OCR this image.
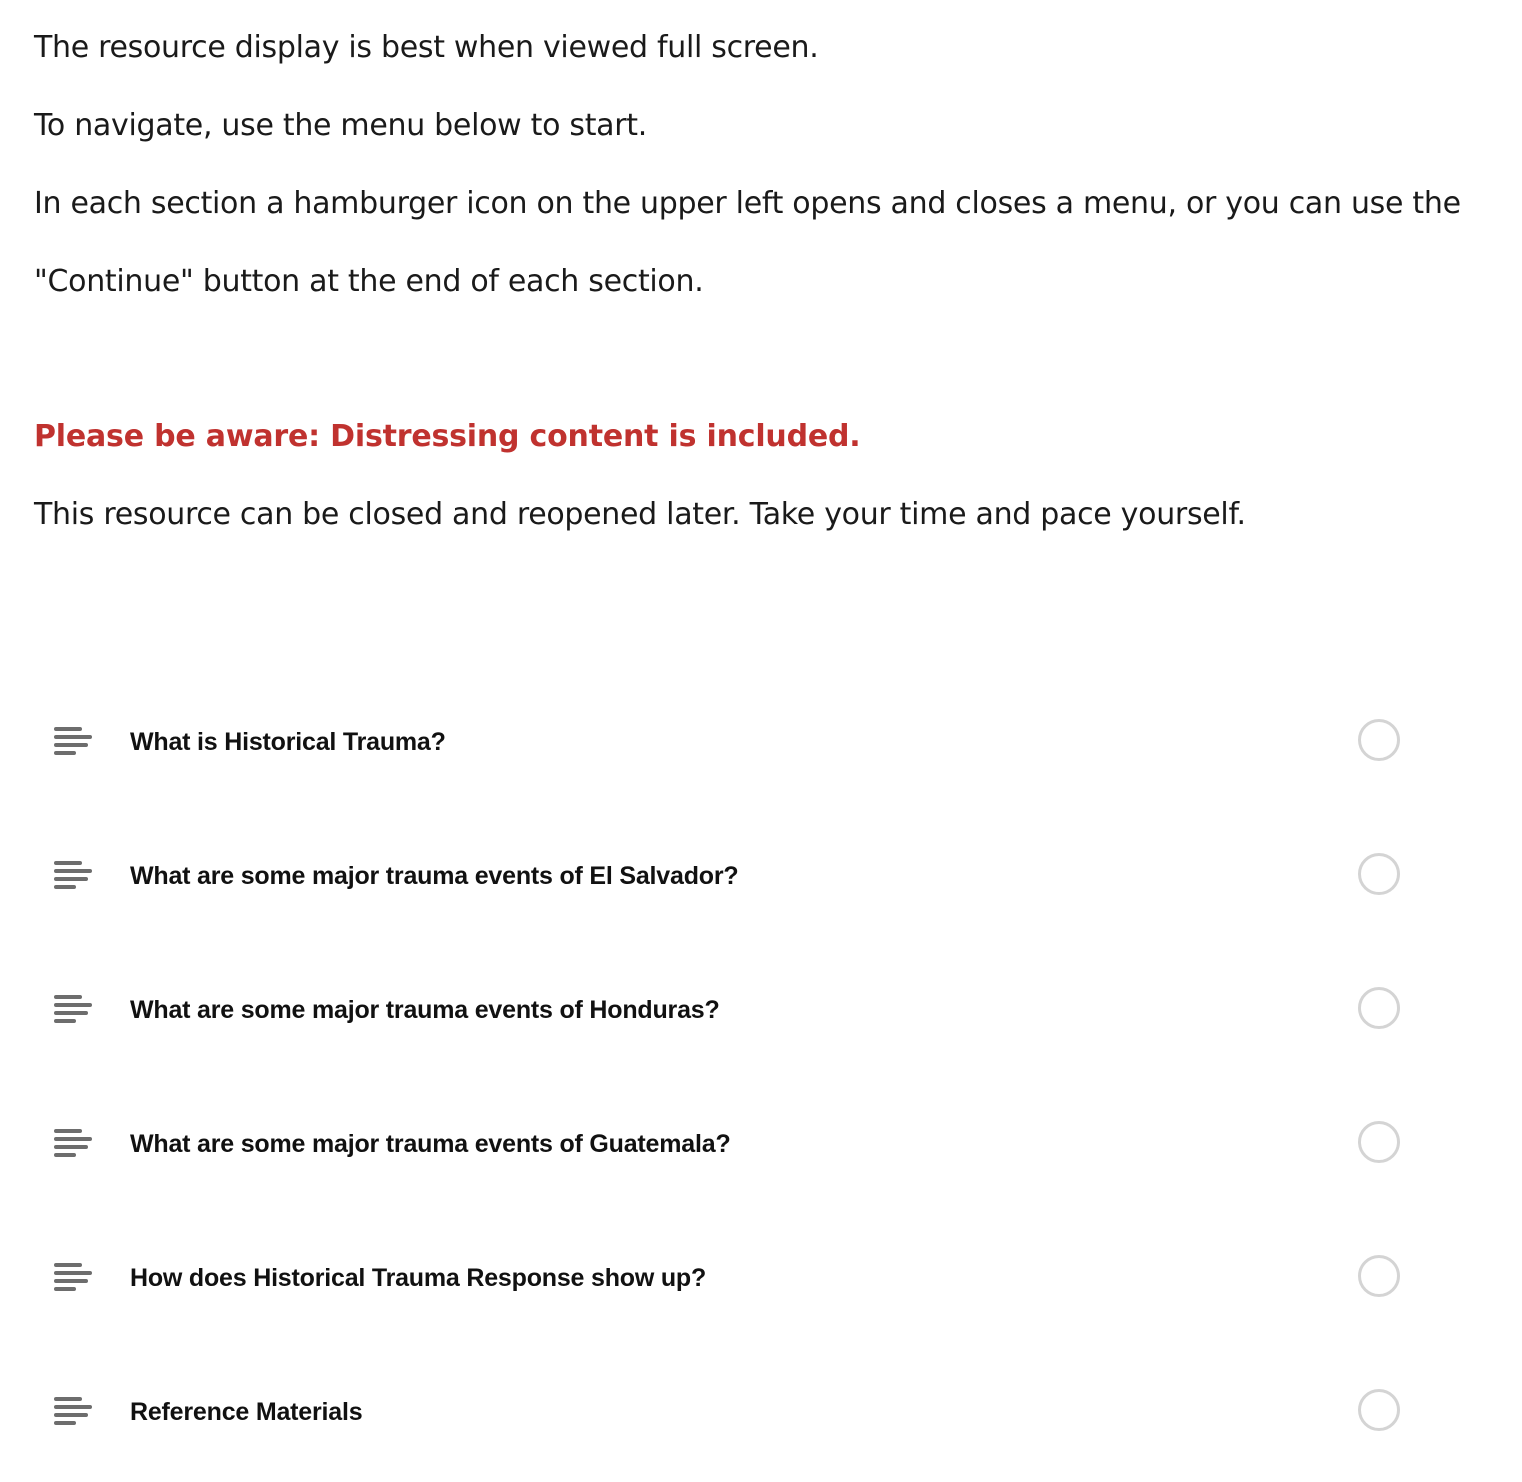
The resource display is best when viewed full screen.

To navigate, use the menu below to start.

In each section a hamburger icon on the upper left opens and closes a menu, or you can use the

"Continue" button at the end of each section.

Please be aware: Distressing content is included.

This resource can be closed and reopened later. Take your time and pace yourself.

What is Historical Trauma?
What are some major trauma events of El Salvador?
What are some major trauma events of Honduras?
What are some major trauma events of Guatemala?
How does Historical Trauma Response show up?
Reference Materials
